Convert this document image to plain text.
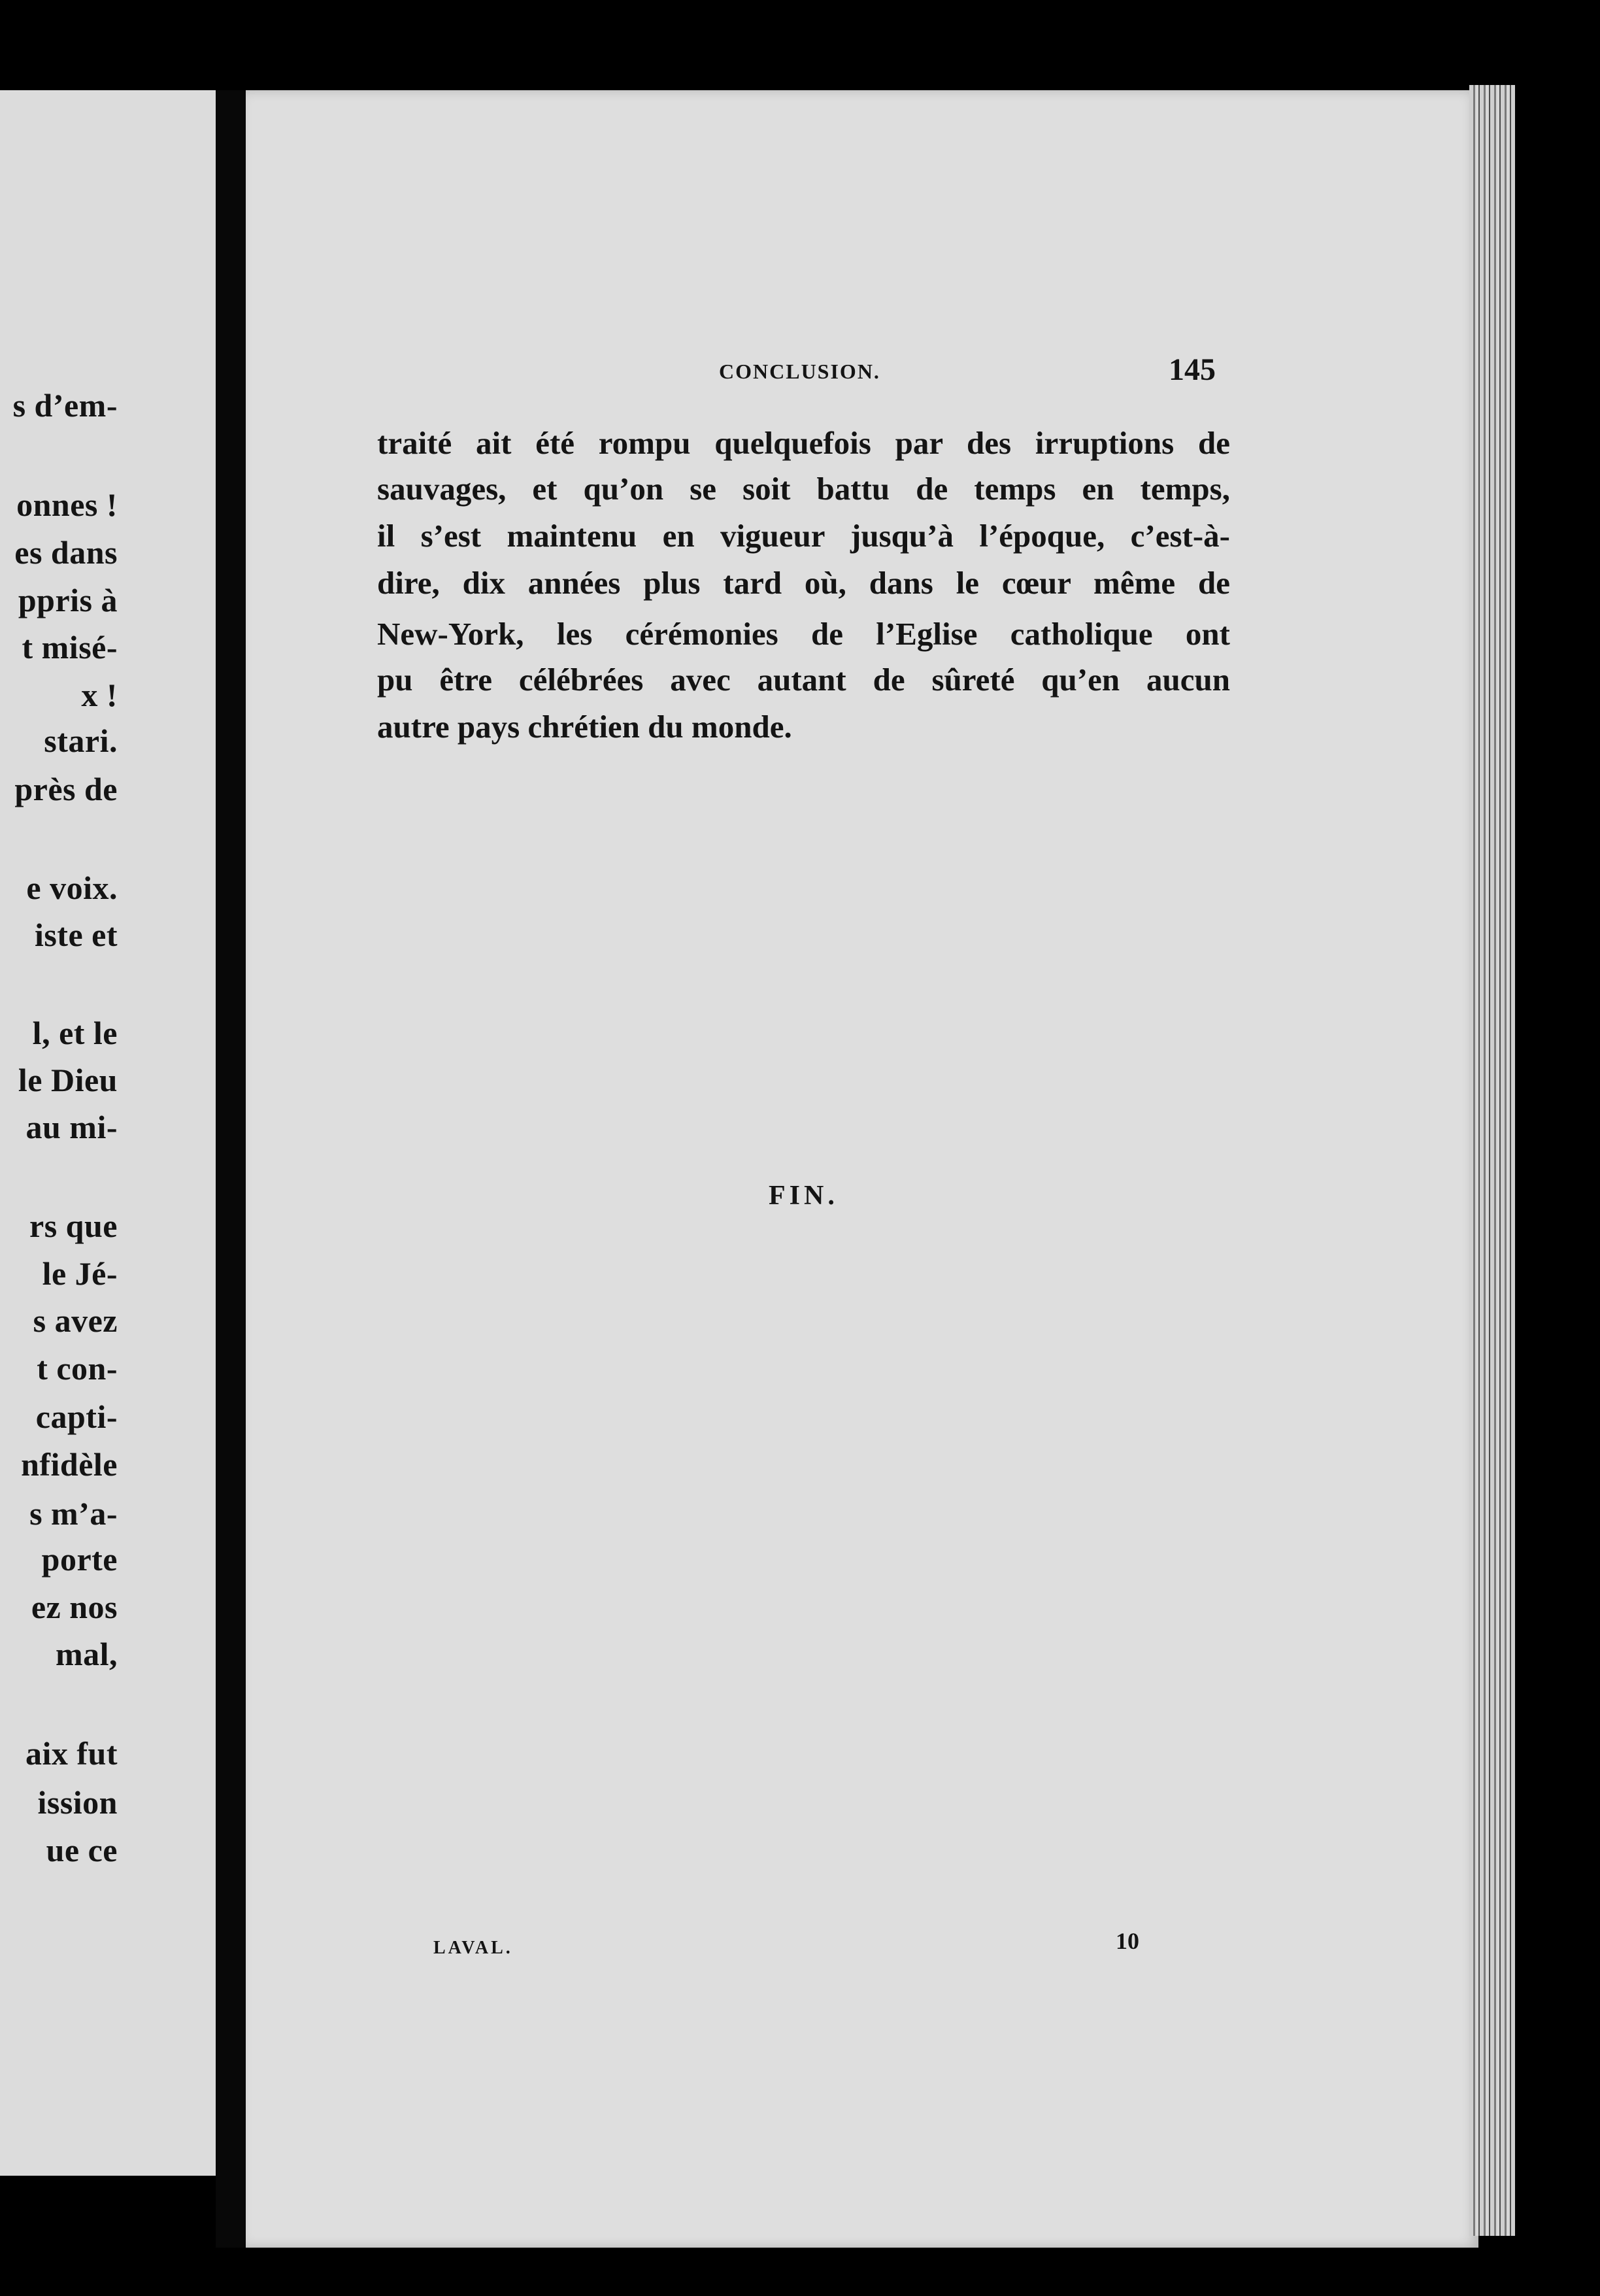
s d’em-
onnes !
es dans
ppris à
t misé-
x !
stari.
près de
e voix.
iste et
l, et le
le Dieu
au mi-
rs que
le Jé-
s avez
t con-
capti-
nfidèle
s m’a-
porte
ez nos
mal,
aix fut
ission
ue ce
CONCLUSION.	145
traité ait été rompu quelquefois par des irruptions de
sauvages, et qu’on se soit battu de temps en temps,
il s’est maintenu en vigueur jusqu’à l’époque, c’est-à-
dire, dix années plus tard où, dans le cœur même de
New-York, les cérémonies de l’Eglise catholique ont
pu être célébrées avec autant de sûreté qu’en aucun
autre pays chrétien du monde.
FIN.
LAVAL.	10
